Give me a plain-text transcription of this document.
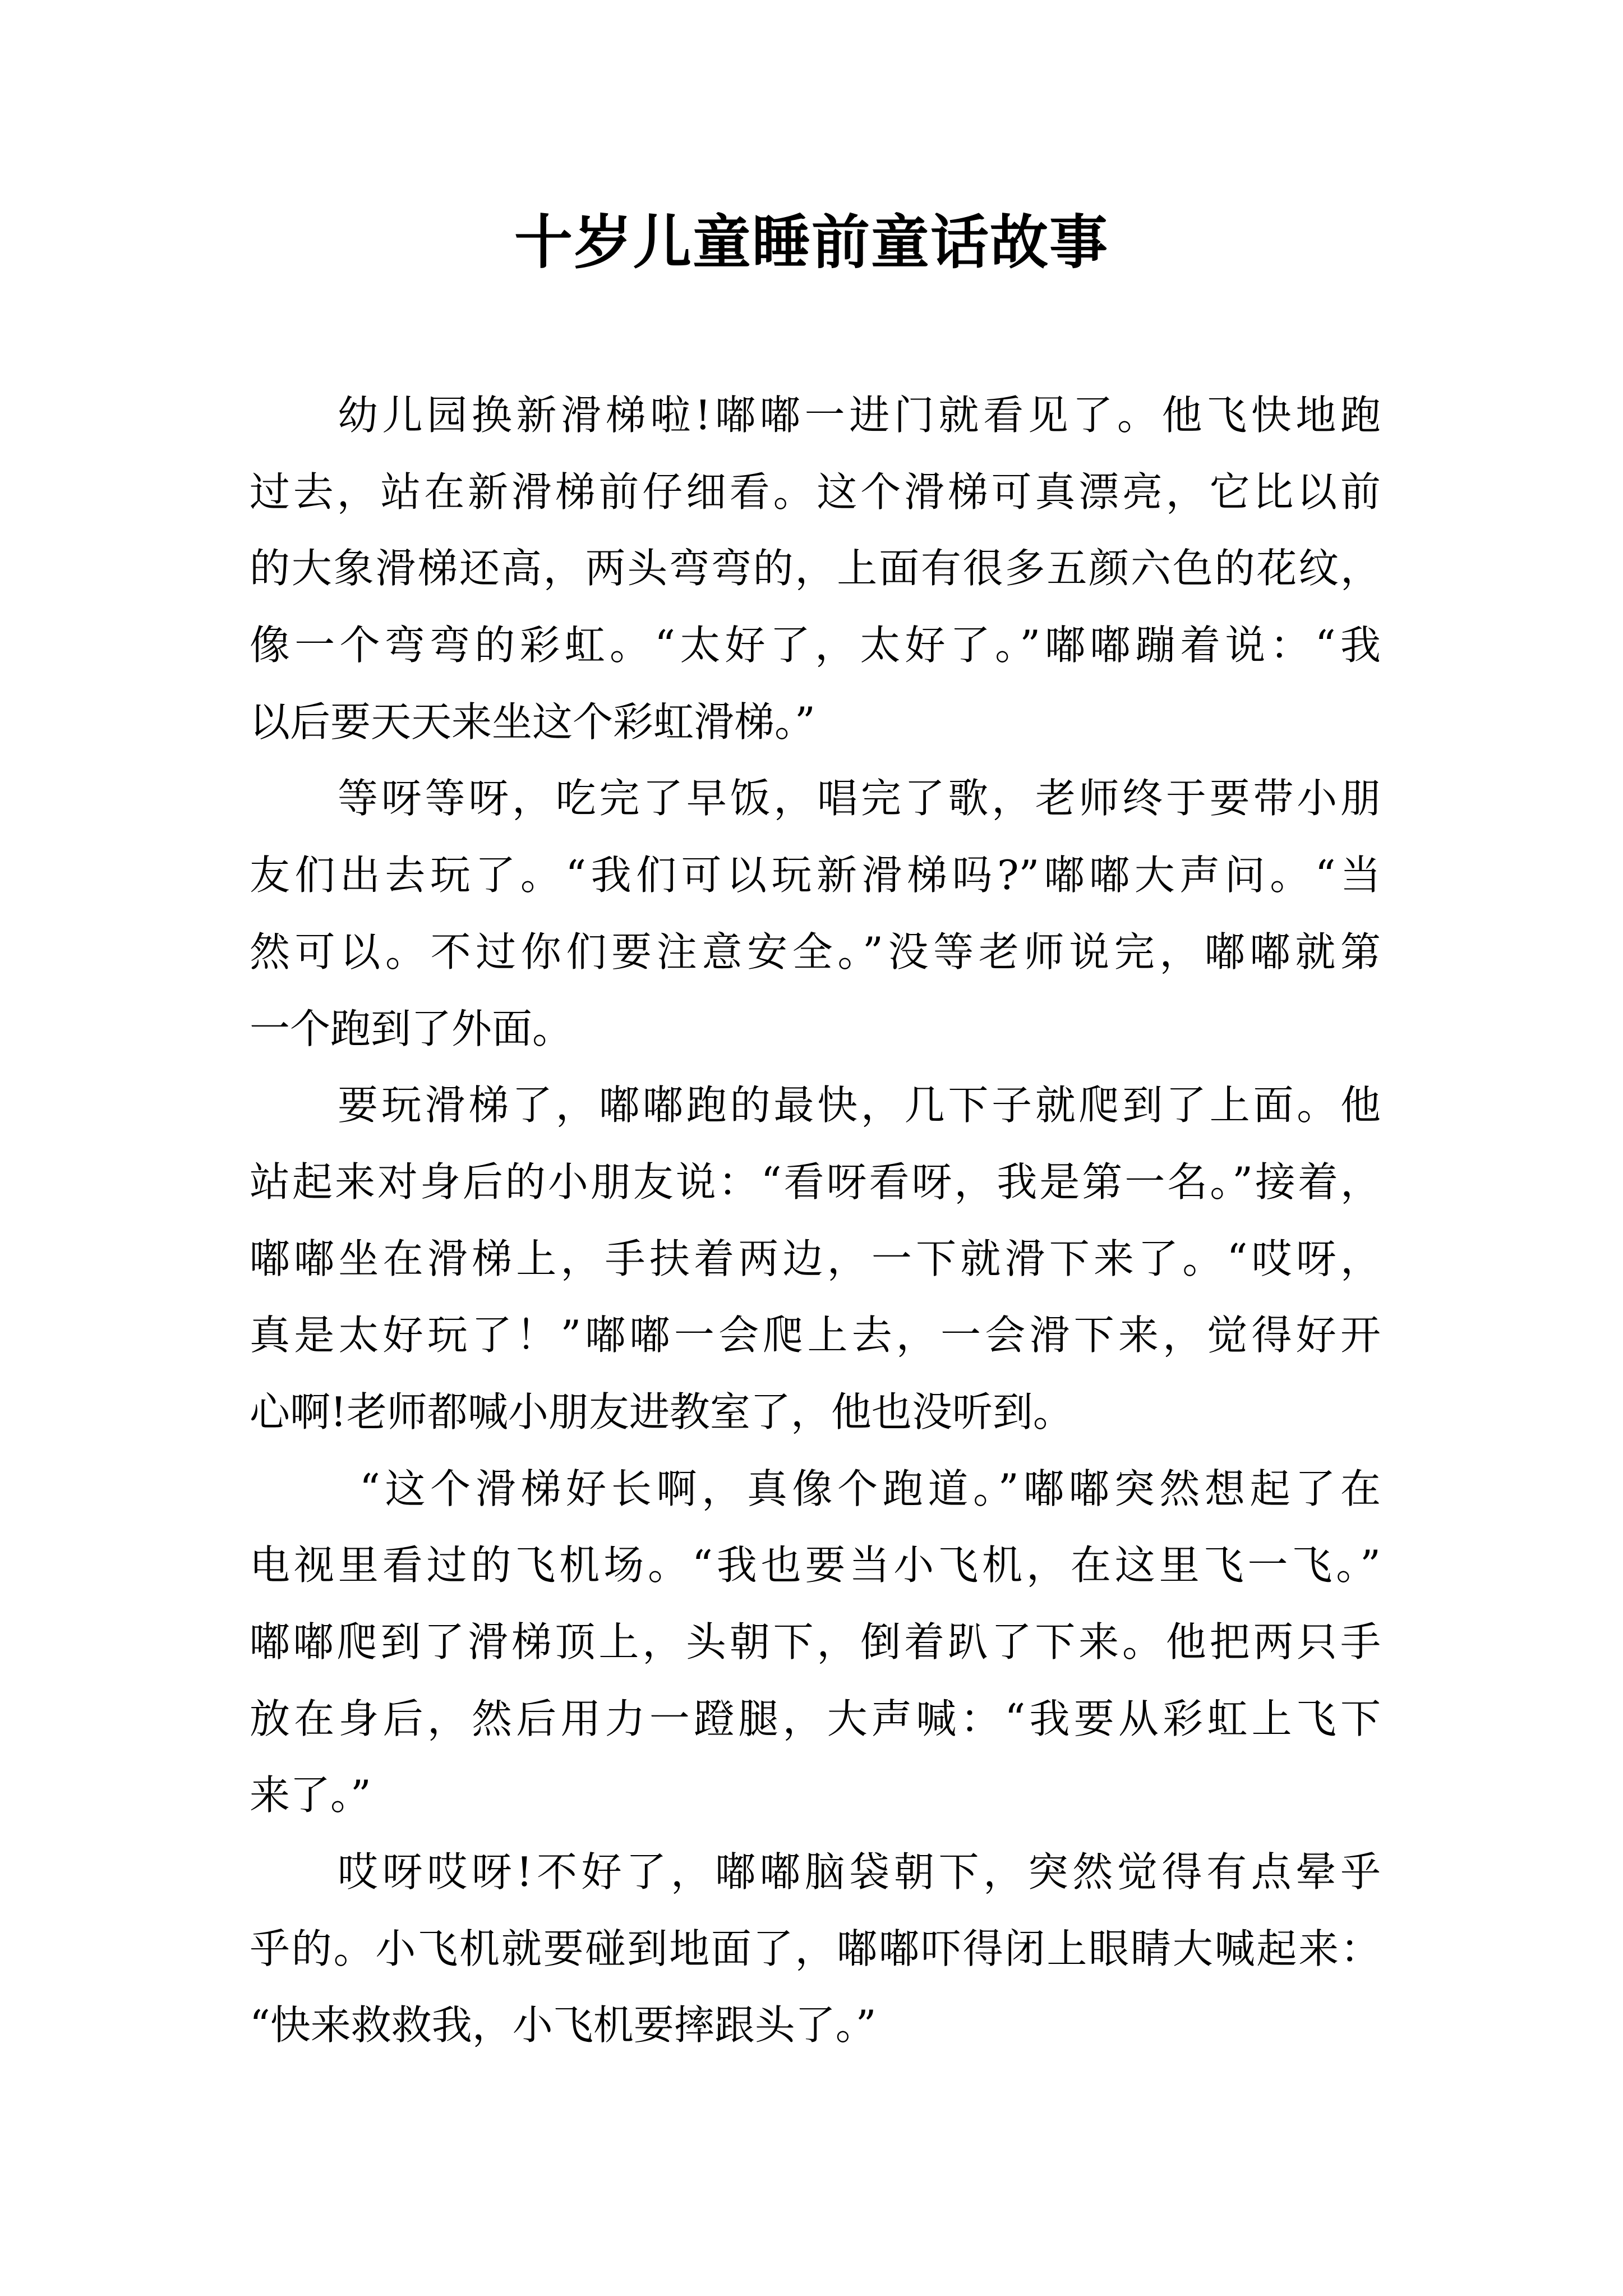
十岁儿童睡前童话故事
幼儿园换新滑梯啦!嘟嘟一进门就看见了。他飞快地跑
过去，站在新滑梯前仔细看。这个滑梯可真漂亮，它比以前
的大象滑梯还高，两头弯弯的，上面有很多五颜六色的花纹，
像一个弯弯的彩虹。“太好了，太好了。”嘟嘟蹦着说：“我
以后要天天来坐这个彩虹滑梯。”
等呀等呀，吃完了早饭，唱完了歌，老师终于要带小朋
友们出去玩了。“我们可以玩新滑梯吗?”嘟嘟大声问。“当
然可以。不过你们要注意安全。”没等老师说完，嘟嘟就第
一个跑到了外面。
要玩滑梯了，嘟嘟跑的最快，几下子就爬到了上面。他
站起来对身后的小朋友说：“看呀看呀，我是第一名。”接着，
嘟嘟坐在滑梯上，手扶着两边，一下就滑下来了。“哎呀，
真是太好玩了！”嘟嘟一会爬上去，一会滑下来，觉得好开
心啊!老师都喊小朋友进教室了，他也没听到。
“这个滑梯好长啊，真像个跑道。”嘟嘟突然想起了在
电视里看过的飞机场。“我也要当小飞机，在这里飞一飞。”
嘟嘟爬到了滑梯顶上，头朝下，倒着趴了下来。他把两只手
放在身后，然后用力一蹬腿，大声喊：“我要从彩虹上飞下
来了。”
哎呀哎呀!不好了，嘟嘟脑袋朝下，突然觉得有点晕乎
乎的。小飞机就要碰到地面了，嘟嘟吓得闭上眼睛大喊起来：
“快来救救我，小飞机要摔跟头了。”
